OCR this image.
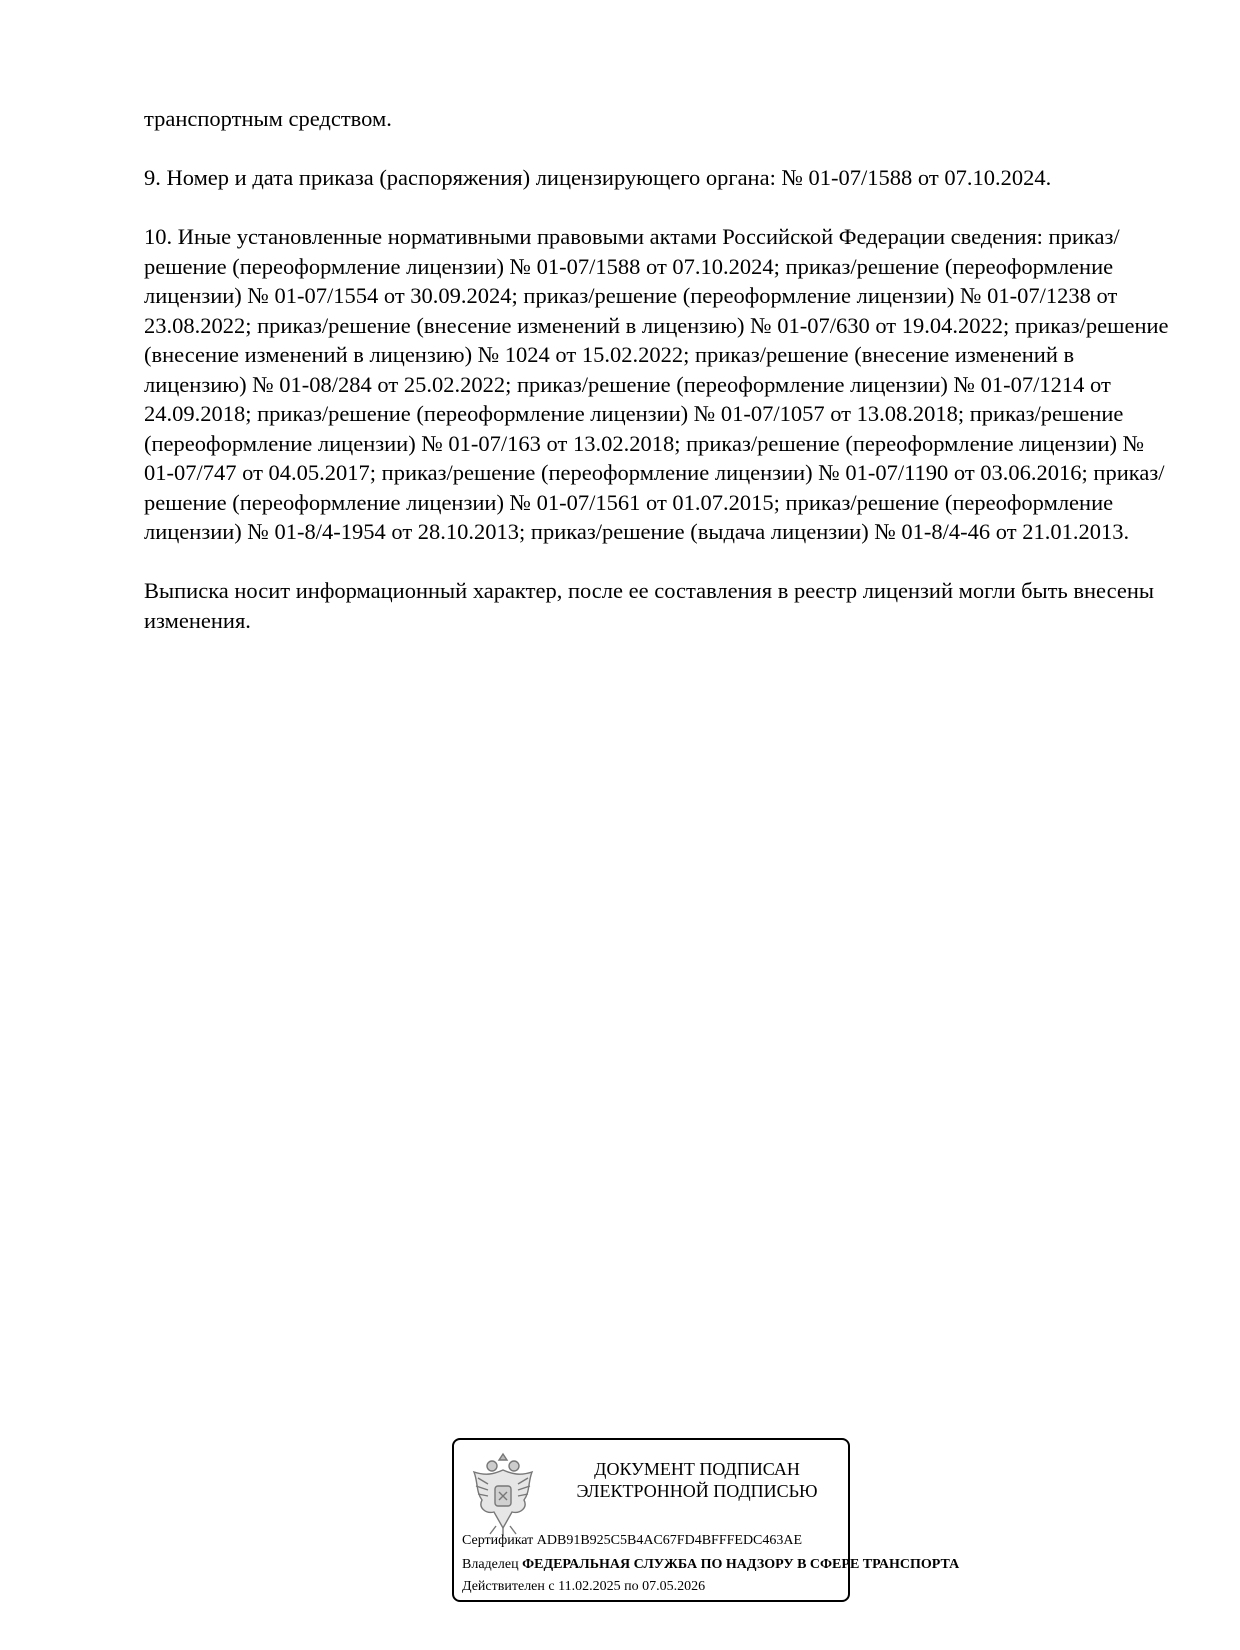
транспортным средством.

9. Номер и дата приказа (распоряжения) лицензирующего органа: № 01-07/1588 от 07.10.2024.

10. Иные установленные нормативными правовыми актами Российской Федерации сведения: приказ/решение (переоформление лицензии) № 01-07/1588 от 07.10.2024; приказ/решение (переоформление лицензии) № 01-07/1554 от 30.09.2024; приказ/решение (переоформление лицензии) № 01-07/1238 от 23.08.2022; приказ/решение (внесение изменений в лицензию) № 01-07/630 от 19.04.2022; приказ/решение (внесение изменений в лицензию) № 1024 от 15.02.2022; приказ/решение (внесение изменений в лицензию) № 01-08/284 от 25.02.2022; приказ/решение (переоформление лицензии) № 01-07/1214 от 24.09.2018; приказ/решение (переоформление лицензии) № 01-07/1057 от 13.08.2018; приказ/решение (переоформление лицензии) № 01-07/163 от 13.02.2018; приказ/решение (переоформление лицензии) № 01-07/747 от 04.05.2017; приказ/решение (переоформление лицензии) № 01-07/1190 от 03.06.2016; приказ/решение (переоформление лицензии) № 01-07/1561 от 01.07.2015; приказ/решение (переоформление лицензии) № 01-8/4-1954 от 28.10.2013; приказ/решение (выдача лицензии) № 01-8/4-46 от 21.01.2013.

Выписка носит информационный характер, после ее составления в реестр лицензий могли быть внесены изменения.

ДОКУМЕНТ ПОДПИСАН
ЭЛЕКТРОННОЙ ПОДПИСЬЮ
Сертификат ADB91B925C5B4AC67FD4BFFFEDC463AE
Владелец ФЕДЕРАЛЬНАЯ СЛУЖБА ПО НАДЗОРУ В СФЕРЕ ТРАНСПОРТА
Действителен с 11.02.2025 по 07.05.2026
